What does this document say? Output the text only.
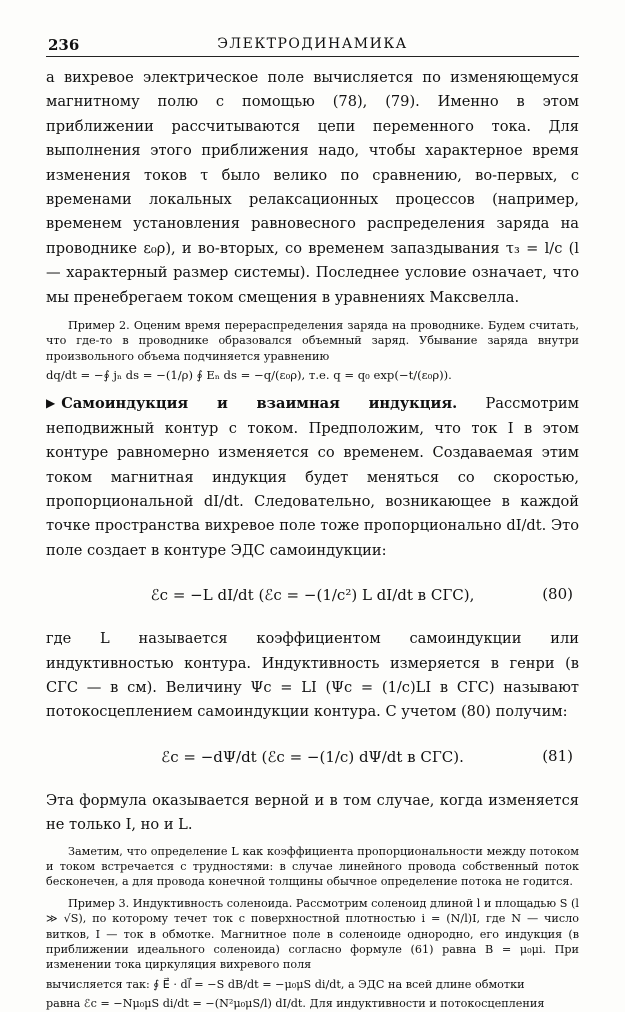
236	ЭЛЕКТРОДИНАМИКА

а вихревое электрическое поле вычисляется по изменяющемуся магнитному полю с помощью (78), (79). Именно в этом приближении рассчитываются цепи переменного тока. Для выполнения этого приближения надо, чтобы характерное время изменения токов τ было велико по сравнению, во-первых, с временами локальных релаксационных процессов (например, временем установления равновесного распределения заряда на проводнике ε₀ρ), и во-вторых, со временем запаздывания τ₃ = l/c (l — характерный размер системы). Последнее условие означает, что мы пренебрегаем током смещения в уравнениях Максвелла.

Пример 2. Оценим время перераспределения заряда на проводнике. Будем считать, что где-то в проводнике образовался объемный заряд. Убывание заряда внутри произвольного объема подчиняется уравнению

dq/dt = −∮ jₙ ds = −(1/ρ) ∮ Eₙ ds = −q/(ε₀ρ), т.е. q = q₀ exp(−t/(ε₀ρ)).

▶ Самоиндукция и взаимная индукция. Рассмотрим неподвижный контур с током. Предположим, что ток I в этом контуре равномерно изменяется со временем. Создаваемая этим током магнитная индукция будет меняться со скоростью, пропорциональной dI/dt. Следовательно, возникающее в каждой точке пространства вихревое поле тоже пропорционально dI/dt. Это поле создает в контуре ЭДС самоиндукции:

ℰс = −L dI/dt (ℰс = −(1/c²) L dI/dt в СГС),	(80)

где L называется коэффициентом самоиндукции или индуктивностью контура. Индуктивность измеряется в генри (в СГС — в см). Величину Ψс = LI (Ψс = (1/c)LI в СГС) называют потокосцеплением самоиндукции контура. С учетом (80) получим:

ℰс = −dΨ/dt (ℰс = −(1/c) dΨ/dt в СГС).	(81)

Эта формула оказывается верной и в том случае, когда изменяется не только I, но и L.

Заметим, что определение L как коэффициента пропорциональности между потоком и током встречается с трудностями: в случае линейного провода собственный поток бесконечен, а для провода конечной толщины обычное определение потока не годится.

Пример 3. Индуктивность соленоида. Рассмотрим соленоид длиной l и площадью S (l ≫ √S), по которому течет ток с поверхностной плотностью i = (N/l)I, где N — число витков, I — ток в обмотке. Магнитное поле в соленоиде однородно, его индукция (в приближении идеального соленоида) согласно формуле (61) равна B = μ₀μi. При изменении тока циркуляция вихревого поля

вычисляется так: ∮ E⃗ · dl⃗ = −S dB/dt = −μ₀μS di/dt, а ЭДС на всей длине обмотки

равна ℰс = −Nμ₀μS di/dt = −(N²μ₀μS/l) dI/dt. Для индуктивности и потокосцепления
